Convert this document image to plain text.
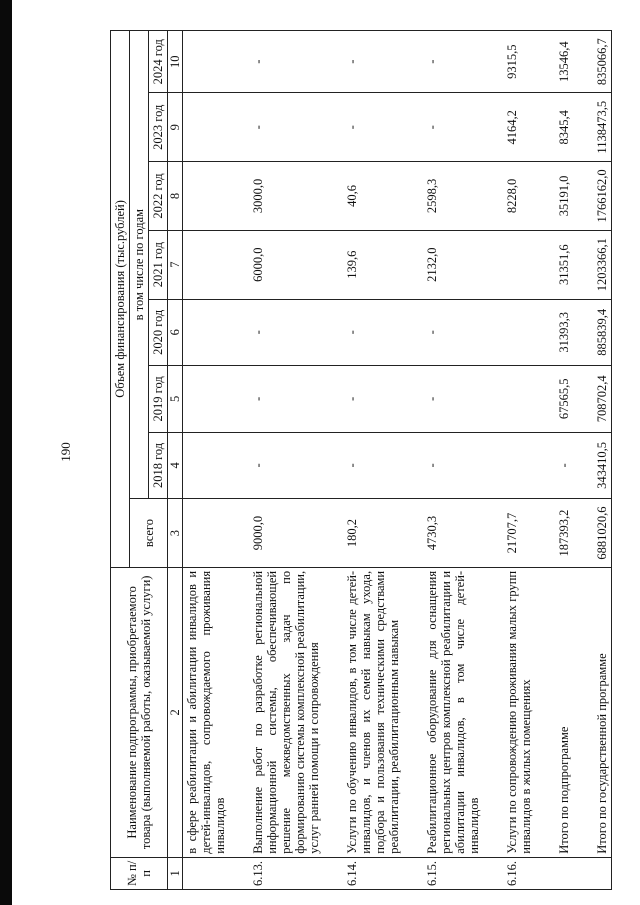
190
№ п/п	Наименование подпрограммы, приобретаемого товара (выполняемой работы, оказываемой услуги)	Объем финансирования (тыс.рублей)							
		всего	в том числе по годам						
			2018 год	2019 год	2020 год	2021 год	2022 год	2023 год	2024 год
1	2	3	4	5	6	7	8	9	10
	в сфере реабилитации и абилитации инвалидов и детей-инвалидов, сопровождаемого проживания инвалидов								

6.13.	Выполнение работ по разработке региональной информационной системы, обеспечивающей решение межведомственных задач по формированию системы комплексной реабилитации, услуг ранней помощи и сопровождения	9000,0	-	-	-	6000,0	3000,0	-	-

6.14.	Услуги по обучению инвалидов, в том числе детей-инвалидов, и членов их семей навыкам ухода, подбора и пользования техническими средствами реабилитации, реабилитационным навыкам	180,2	-	-	-	139,6	40,6	-	-

6.15.	Реабилитационное оборудование для оснащения региональных центров комплексной реабилитации и абилитации инвалидов, в том числе детей-инвалидов	4730,3	-	-	-	2132,0	2598,3	-	-

6.16.	Услуги по сопровождению проживания малых групп инвалидов в жилых помещениях	21707,7					8228,0	4164,2	9315,5

	Итого по подпрограмме	187393,2	-	67565,5	31393,3	31351,6	35191,0	8345,4	13546,4

	Итого по государственной программе	6881020,6	343410,5	708702,4	885839,4	1203366,1	1766162,0	1138473,5	835066,7
